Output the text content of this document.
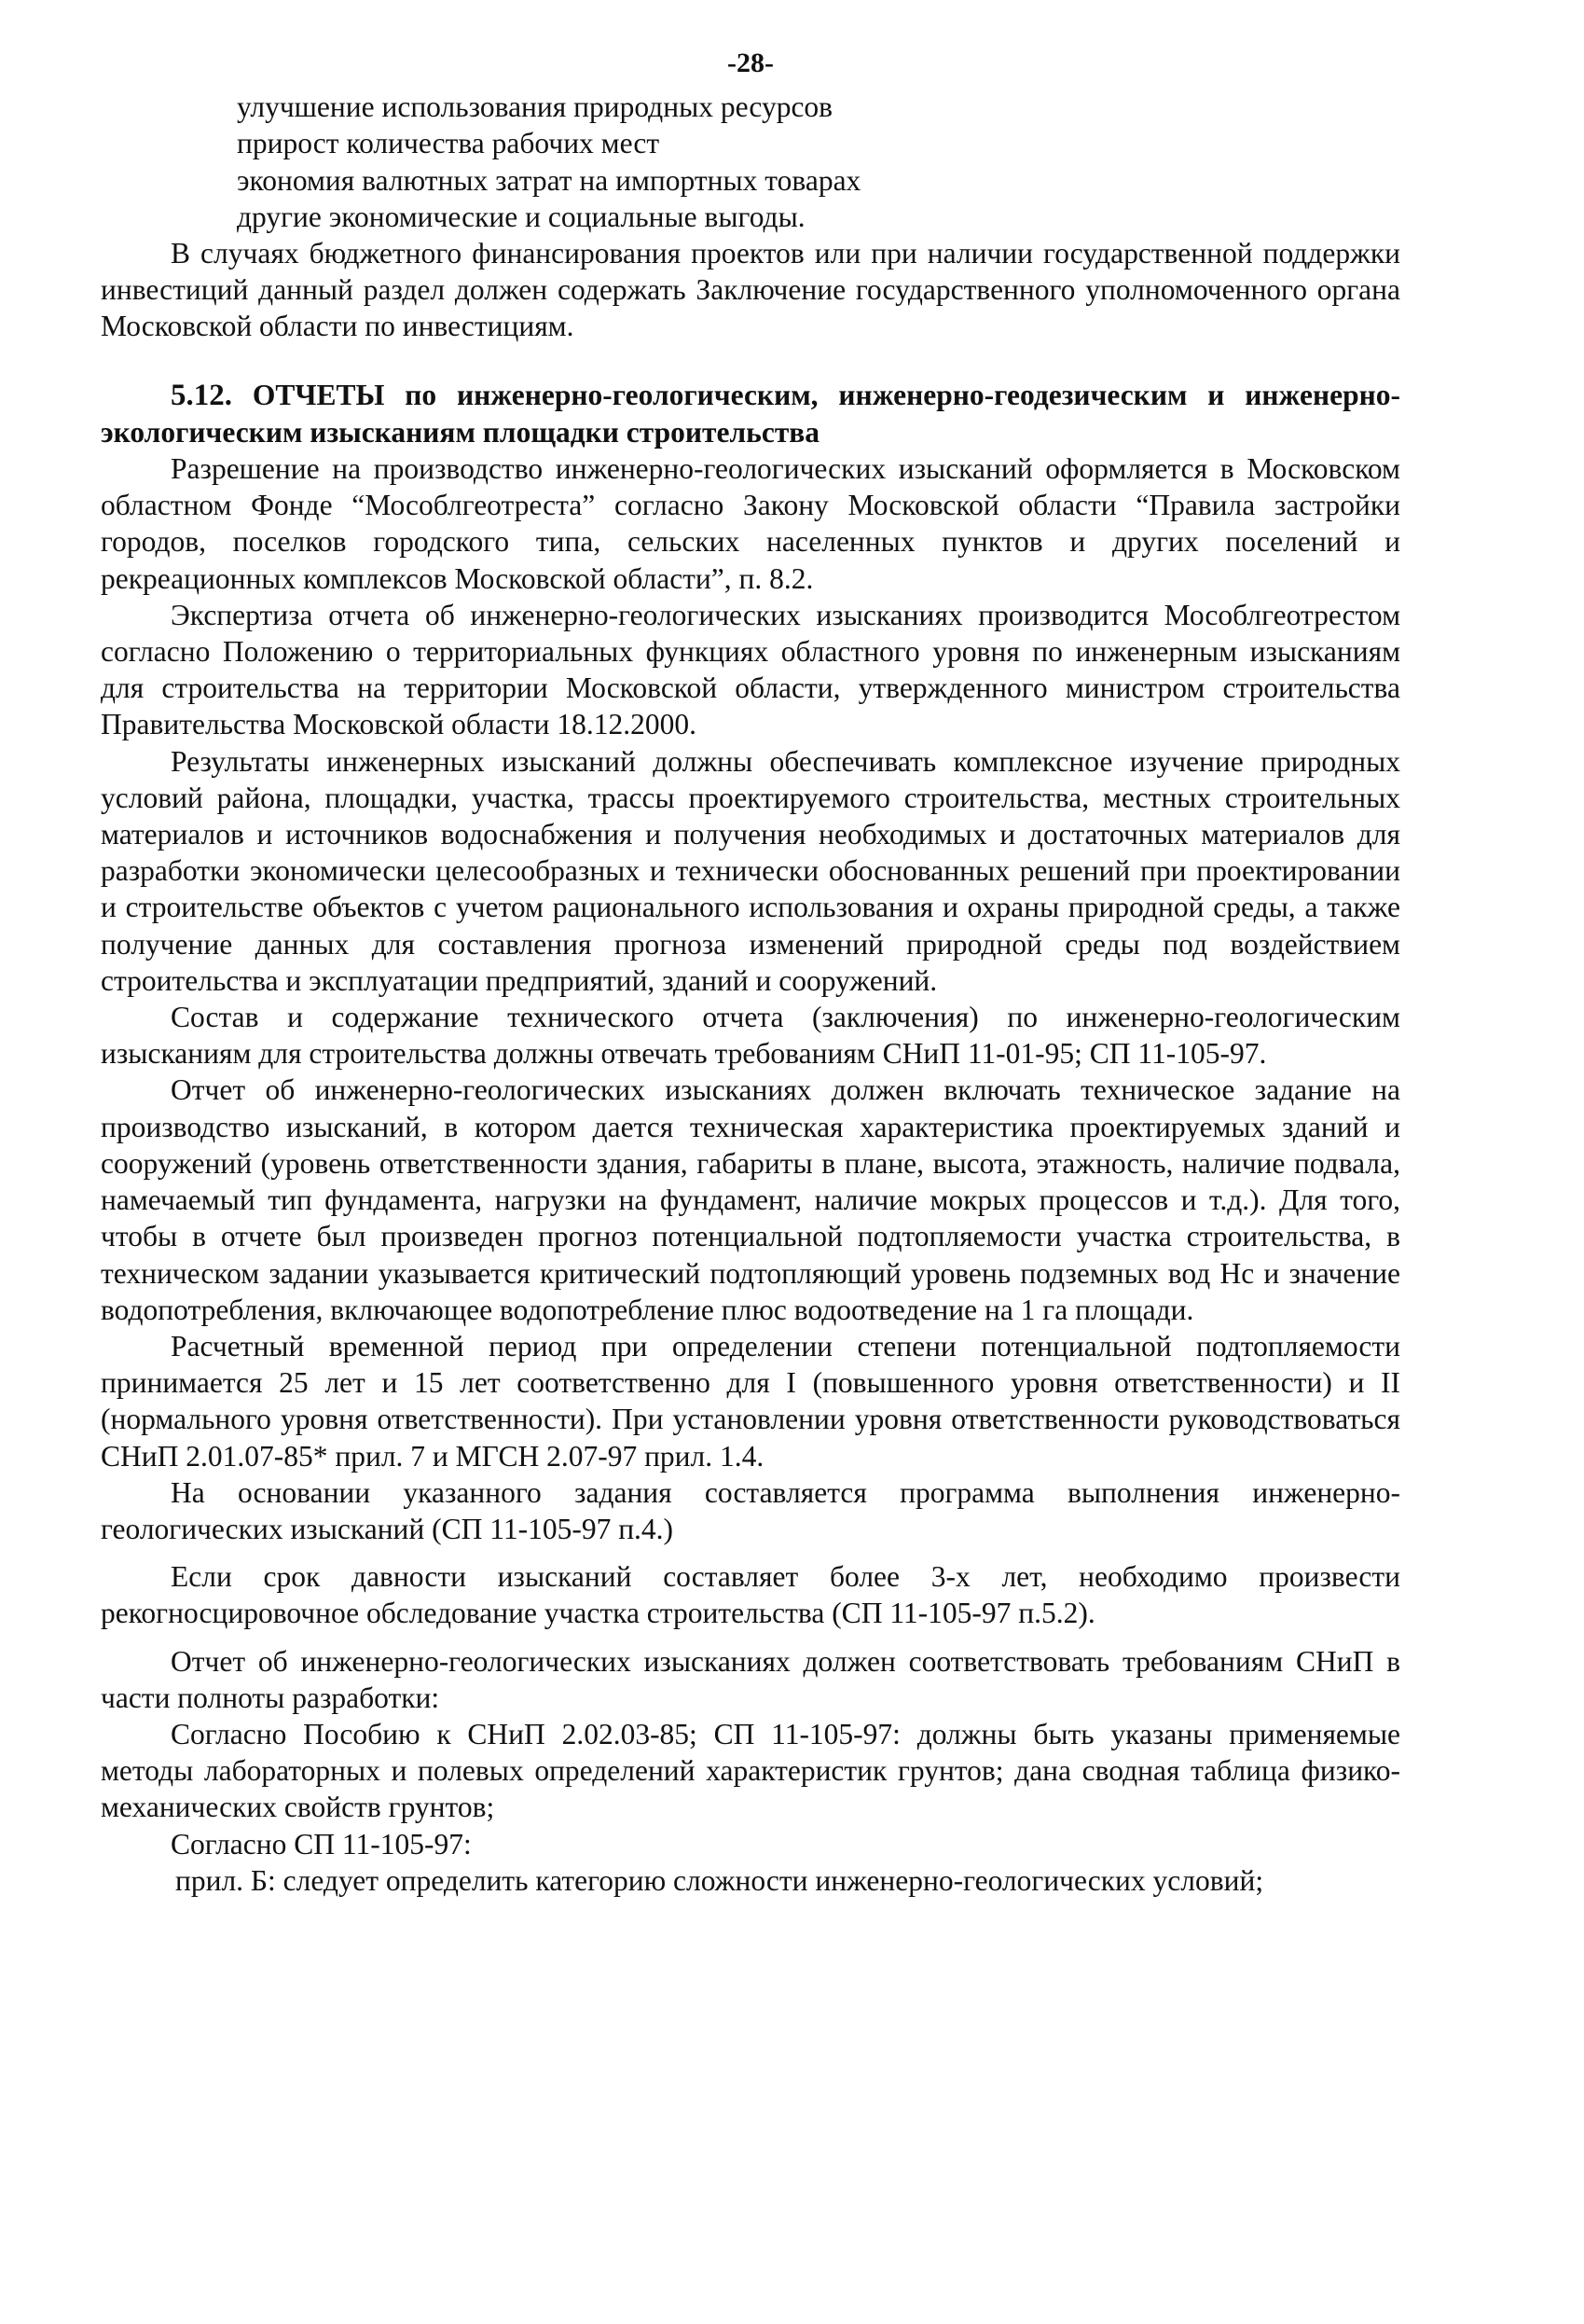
-28-
улучшение использования природных ресурсов
прирост количества рабочих мест
экономия валютных затрат на импортных товарах
другие экономические и социальные выгоды.

В случаях бюджетного финансирования проектов или при наличии государственной поддержки инвестиций данный раздел должен содержать Заключение государственного уполномоченного органа Московской области по инвестициям.

5.12. ОТЧЕТЫ по инженерно-геологическим, инженерно-геодезическим и инженерно-экологическим изысканиям площадки строительства

Разрешение на производство инженерно-геологических изысканий оформляется в Московском областном Фонде “Мособлгеотреста” согласно Закону Московской области “Правила застройки городов, поселков городского типа, сельских населенных пунктов и других поселений и рекреационных комплексов Московской области”, п. 8.2.

Экспертиза отчета об инженерно-геологических изысканиях производится Мособлгеотрестом согласно Положению о территориальных функциях областного уровня по инженерным изысканиям для строительства на территории Московской области, утвержденного министром строительства Правительства Московской области 18.12.2000.

Результаты инженерных изысканий должны обеспечивать комплексное изучение природных условий района, площадки, участка, трассы проектируемого строительства, местных строительных материалов и источников водоснабжения и получения необходимых и достаточных материалов для разработки экономически целесообразных и технически обоснованных решений при проектировании и строительстве объектов с учетом рационального использования и охраны природной среды, а также получение данных для составления прогноза изменений природной среды под воздействием строительства и эксплуатации предприятий, зданий и сооружений.

Состав и содержание технического отчета (заключения) по инженерно-геологическим изысканиям для строительства должны отвечать требованиям СНиП 11-01-95; СП 11-105-97.

Отчет об инженерно-геологических изысканиях должен включать техническое задание на производство изысканий, в котором дается техническая характеристика проектируемых зданий и сооружений (уровень ответственности здания, габариты в плане, высота, этажность, наличие подвала, намечаемый тип фундамента, нагрузки на фундамент, наличие мокрых процессов и т.д.). Для того, чтобы в отчете был произведен прогноз потенциальной подтопляемости участка строительства, в техническом задании указывается критический подтопляющий уровень подземных вод Нс и значение водопотребления, включающее водопотребление плюс водоотведение на 1 га площади.

Расчетный временной период при определении степени потенциальной подтопляемости принимается 25 лет и 15 лет соответственно для I (повышенного уровня ответственности) и II (нормального уровня ответственности). При установлении уровня ответственности руководствоваться СНиП 2.01.07-85* прил. 7 и МГСН 2.07-97 прил. 1.4.

На основании указанного задания составляется программа выполнения инженерно-геологических изысканий (СП 11-105-97 п.4.)

Если срок давности изысканий составляет более 3-х лет, необходимо произвести рекогносцировочное обследование участка строительства (СП 11-105-97 п.5.2).

Отчет об инженерно-геологических изысканиях должен соответствовать требованиям СНиП в части полноты разработки:

Согласно Пособию к СНиП 2.02.03-85; СП 11-105-97: должны быть указаны применяемые методы лабораторных и полевых определений характеристик грунтов; дана сводная таблица физико-механических свойств грунтов;

Согласно СП 11-105-97:

прил. Б: следует определить категорию сложности инженерно-геологических условий;
